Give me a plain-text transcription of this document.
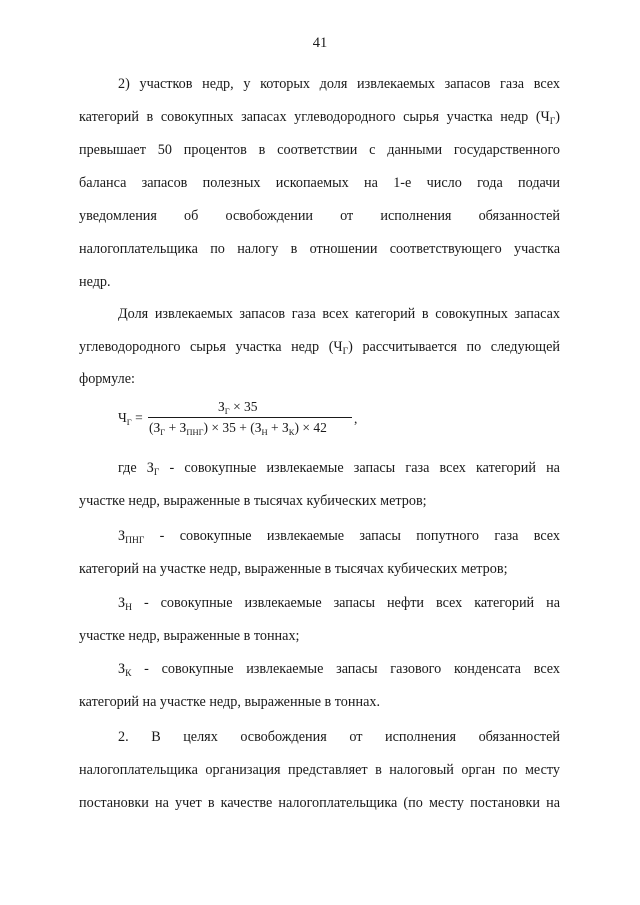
41
2) участков недр, у которых доля извлекаемых запасов газа всех
категорий в совокупных запасах углеводородного сырья участка недр $(Ч_Г)$
превышает 50 процентов в соответствии с данными государственного
баланса запасов полезных ископаемых на 1-е число года подачи
уведомления об освобождении от исполнения обязанностей
налогоплательщика по налогу в отношении соответствующего участка
недр.
Доля извлекаемых запасов газа всех категорий в совокупных запасах
углеводородного сырья участка недр $(Ч_Г)$ рассчитывается по следующей
формуле:
$Ч_Г$ =
$З_Г \times 35$
$(З_Г + З_{ПНГ}) \times 35 + (З_Н + З_К) \times 42$
,
где $З_Г$ - совокупные извлекаемые запасы газа всех категорий на
участке недр, выраженные в тысячах кубических метров;
$З_{ПНГ}$ - совокупные извлекаемые запасы попутного газа всех
категорий на участке недр, выраженные в тысячах кубических метров;
$З_Н$ - совокупные извлекаемые запасы нефти всех категорий на
участке недр, выраженные в тоннах;
$З_К$ - совокупные извлекаемые запасы газового конденсата всех
категорий на участке недр, выраженные в тоннах.
2. В целях освобождения от исполнения обязанностей
налогоплательщика организация представляет в налоговый орган по месту
постановки на учет в качестве налогоплательщика (по месту постановки на
